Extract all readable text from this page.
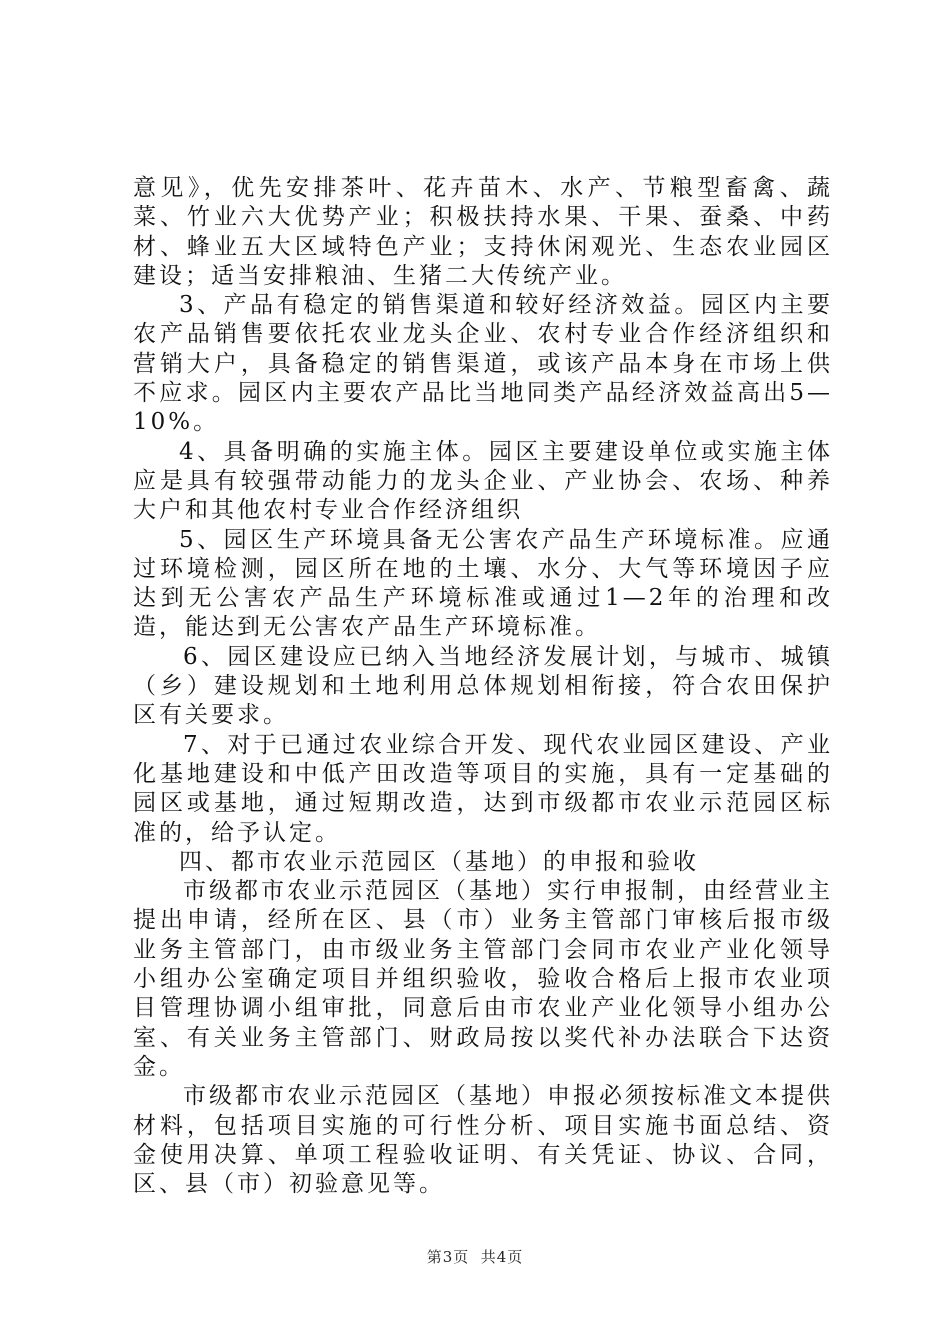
意见》，优先安排茶叶、花卉苗木、水产、节粮型畜禽、蔬菜、竹业六大优势产业；积极扶持水果、干果、蚕桑、中药材、蜂业五大区域特色产业；支持休闲观光、生态农业园区建设；适当安排粮油、生猪二大传统产业。

3、产品有稳定的销售渠道和较好经济效益。园区内主要农产品销售要依托农业龙头企业、农村专业合作经济组织和营销大户，具备稳定的销售渠道，或该产品本身在市场上供不应求。园区内主要农产品比当地同类产品经济效益高出5—10%。

4、具备明确的实施主体。园区主要建设单位或实施主体应是具有较强带动能力的龙头企业、产业协会、农场、种养大户和其他农村专业合作经济组织

5、园区生产环境具备无公害农产品生产环境标准。应通过环境检测，园区所在地的土壤、水分、大气等环境因子应达到无公害农产品生产环境标准或通过1—2年的治理和改造，能达到无公害农产品生产环境标准。

6、园区建设应已纳入当地经济发展计划，与城市、城镇（乡）建设规划和土地利用总体规划相衔接，符合农田保护区有关要求。

7、对于已通过农业综合开发、现代农业园区建设、产业化基地建设和中低产田改造等项目的实施，具有一定基础的园区或基地，通过短期改造，达到市级都市农业示范园区标准的，给予认定。

四、都市农业示范园区（基地）的申报和验收

市级都市农业示范园区（基地）实行申报制，由经营业主提出申请，经所在区、县（市）业务主管部门审核后报市级业务主管部门，由市级业务主管部门会同市农业产业化领导小组办公室确定项目并组织验收，验收合格后上报市农业项目管理协调小组审批，同意后由市农业产业化领导小组办公室、有关业务主管部门、财政局按以奖代补办法联合下达资金。

市级都市农业示范园区（基地）申报必须按标准文本提供材料，包括项目实施的可行性分析、项目实施书面总结、资金使用决算、单项工程验收证明、有关凭证、协议、合同，区、县（市）初验意见等。

第3页  共4页
